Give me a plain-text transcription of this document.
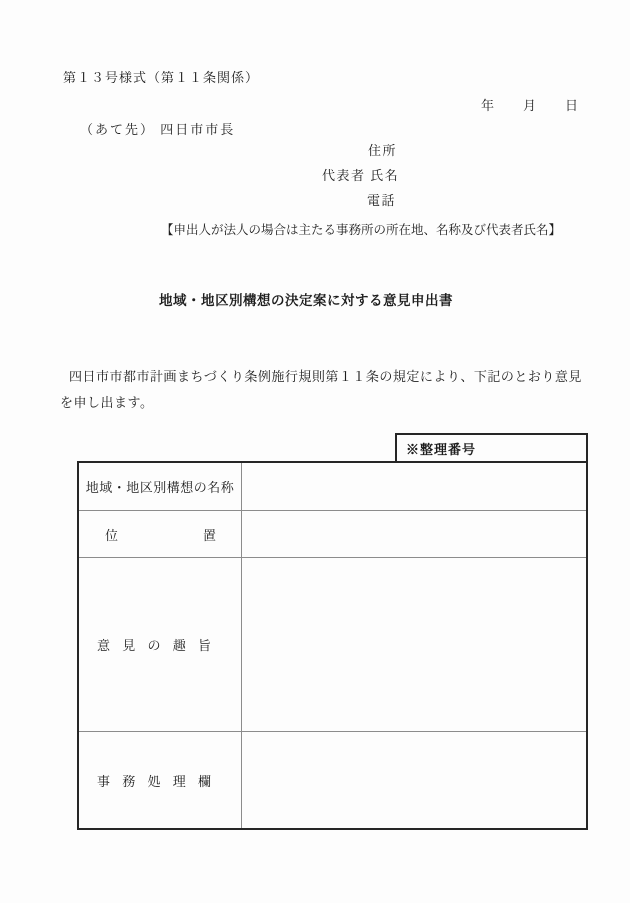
第１３号様式（第１１条関係）
年 月 日
（あて先） 四日市市長
住所
代表者 氏名
電話
【申出人が法人の場合は主たる事務所の所在地、名称及び代表者氏名】
地域・地区別構想の決定案に対する意見申出書
四日市市都市計画まちづくり条例施行規則第１１条の規定により、下記のとおり意見
を申し出ます。
※整理番号
地域・地区別構想の名称
位	置
意 見 の 趣 旨
事 務 処 理 欄
